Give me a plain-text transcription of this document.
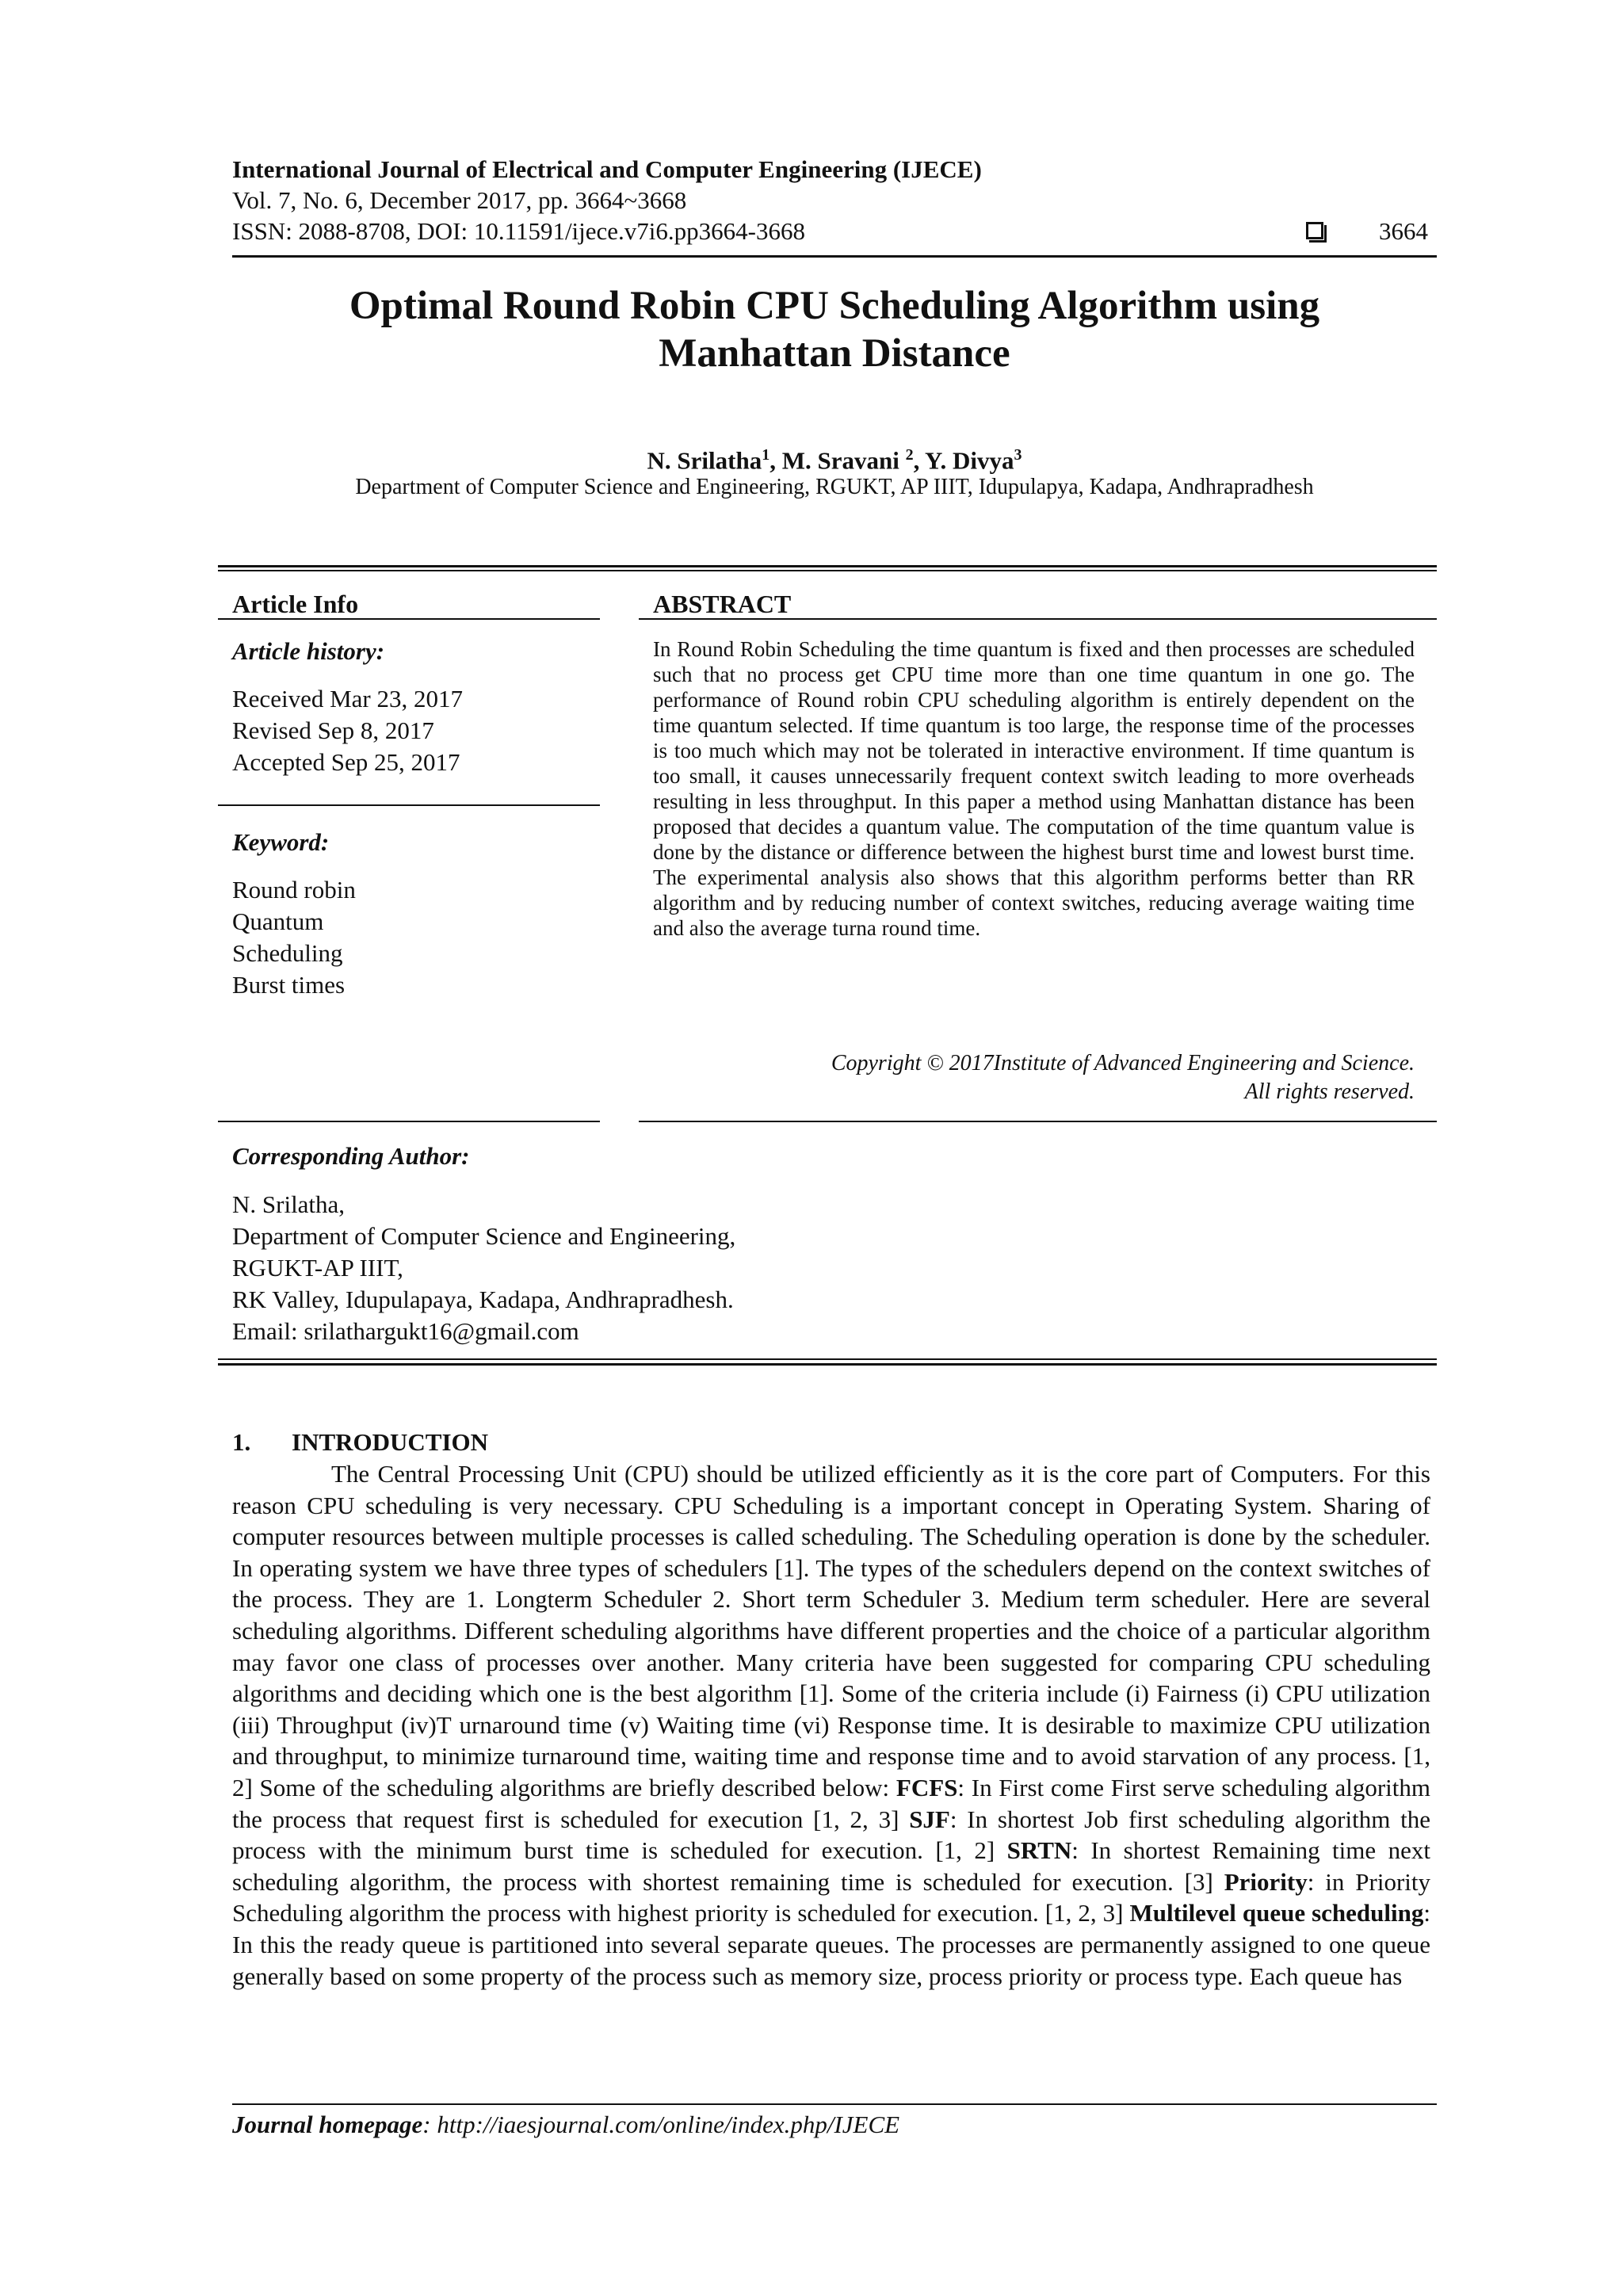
International Journal of Electrical and Computer Engineering (IJECE)
Vol. 7, No. 6, December 2017, pp. 3664~3668
ISSN: 2088-8708, DOI: 10.11591/ijece.v7i6.pp3664-3668	3664
Optimal Round Robin CPU Scheduling Algorithm using
Manhattan Distance
N. Srilatha$^1$, M. Sravani $^2$, Y. Divya$^3$
Department of Computer Science and Engineering, RGUKT, AP IIIT, Idupulapya, Kadapa, Andhrapradhesh
Article Info
Article history:
Received Mar 23, 2017
Revised Sep 8, 2017
Accepted Sep 25, 2017
Keyword:
Round robin
Quantum
Scheduling
Burst times
ABSTRACT
In Round Robin Scheduling the time quantum is fixed and then processes are scheduled such that no process get CPU time more than one time quantum in one go. The performance of Round robin CPU scheduling algorithm is entirely dependent on the time quantum selected. If time quantum is too large, the response time of the processes is too much which may not be tolerated in interactive environment. If time quantum is too small, it causes unnecessarily frequent context switch leading to more overheads resulting in less throughput. In this paper a method using Manhattan distance has been proposed that decides a quantum value. The computation of the time quantum value is done by the distance or difference between the highest burst time and lowest burst time. The experimental analysis also shows that this algorithm performs better than RR algorithm and by reducing number of context switches, reducing average waiting time and also the average turna round time.
Copyright © 2017Institute of Advanced Engineering and Science.
All rights reserved.
Corresponding Author:
N. Srilatha,
Department of Computer Science and Engineering,
RGUKT-AP IIIT,
RK Valley, Idupulapaya, Kadapa, Andhrapradhesh.
Email: srilathargukt16@gmail.com
1. INTRODUCTION
The Central Processing Unit (CPU) should be utilized efficiently as it is the core part of Computers. For this reason CPU scheduling is very necessary. CPU Scheduling is a important concept in Operating System. Sharing of computer resources between multiple processes is called scheduling. The Scheduling operation is done by the scheduler. In operating system we have three types of schedulers [1]. The types of the schedulers depend on the context switches of the process. They are 1. Longterm Scheduler 2. Short term Scheduler 3. Medium term scheduler. Here are several scheduling algorithms. Different scheduling algorithms have different properties and the choice of a particular algorithm may favor one class of processes over another. Many criteria have been suggested for comparing CPU scheduling algorithms and deciding which one is the best algorithm [1]. Some of the criteria include (i) Fairness (i) CPU utilization (iii) Throughput (iv)T urnaround time (v) Waiting time (vi) Response time. It is desirable to maximize CPU utilization and throughput, to minimize turnaround time, waiting time and response time and to avoid starvation of any process. [1, 2] Some of the scheduling algorithms are briefly described below: FCFS: In First come First serve scheduling algorithm the process that request first is scheduled for execution [1, 2, 3] SJF: In shortest Job first scheduling algorithm the process with the minimum burst time is scheduled for execution. [1, 2] SRTN: In shortest Remaining time next scheduling algorithm, the process with shortest remaining time is scheduled for execution. [3] Priority: in Priority Scheduling algorithm the process with highest priority is scheduled for execution. [1, 2, 3] Multilevel queue scheduling: In this the ready queue is partitioned into several separate queues. The processes are permanently assigned to one queue generally based on some property of the process such as memory size, process priority or process type. Each queue has
Journal homepage: http://iaesjournal.com/online/index.php/IJECE
